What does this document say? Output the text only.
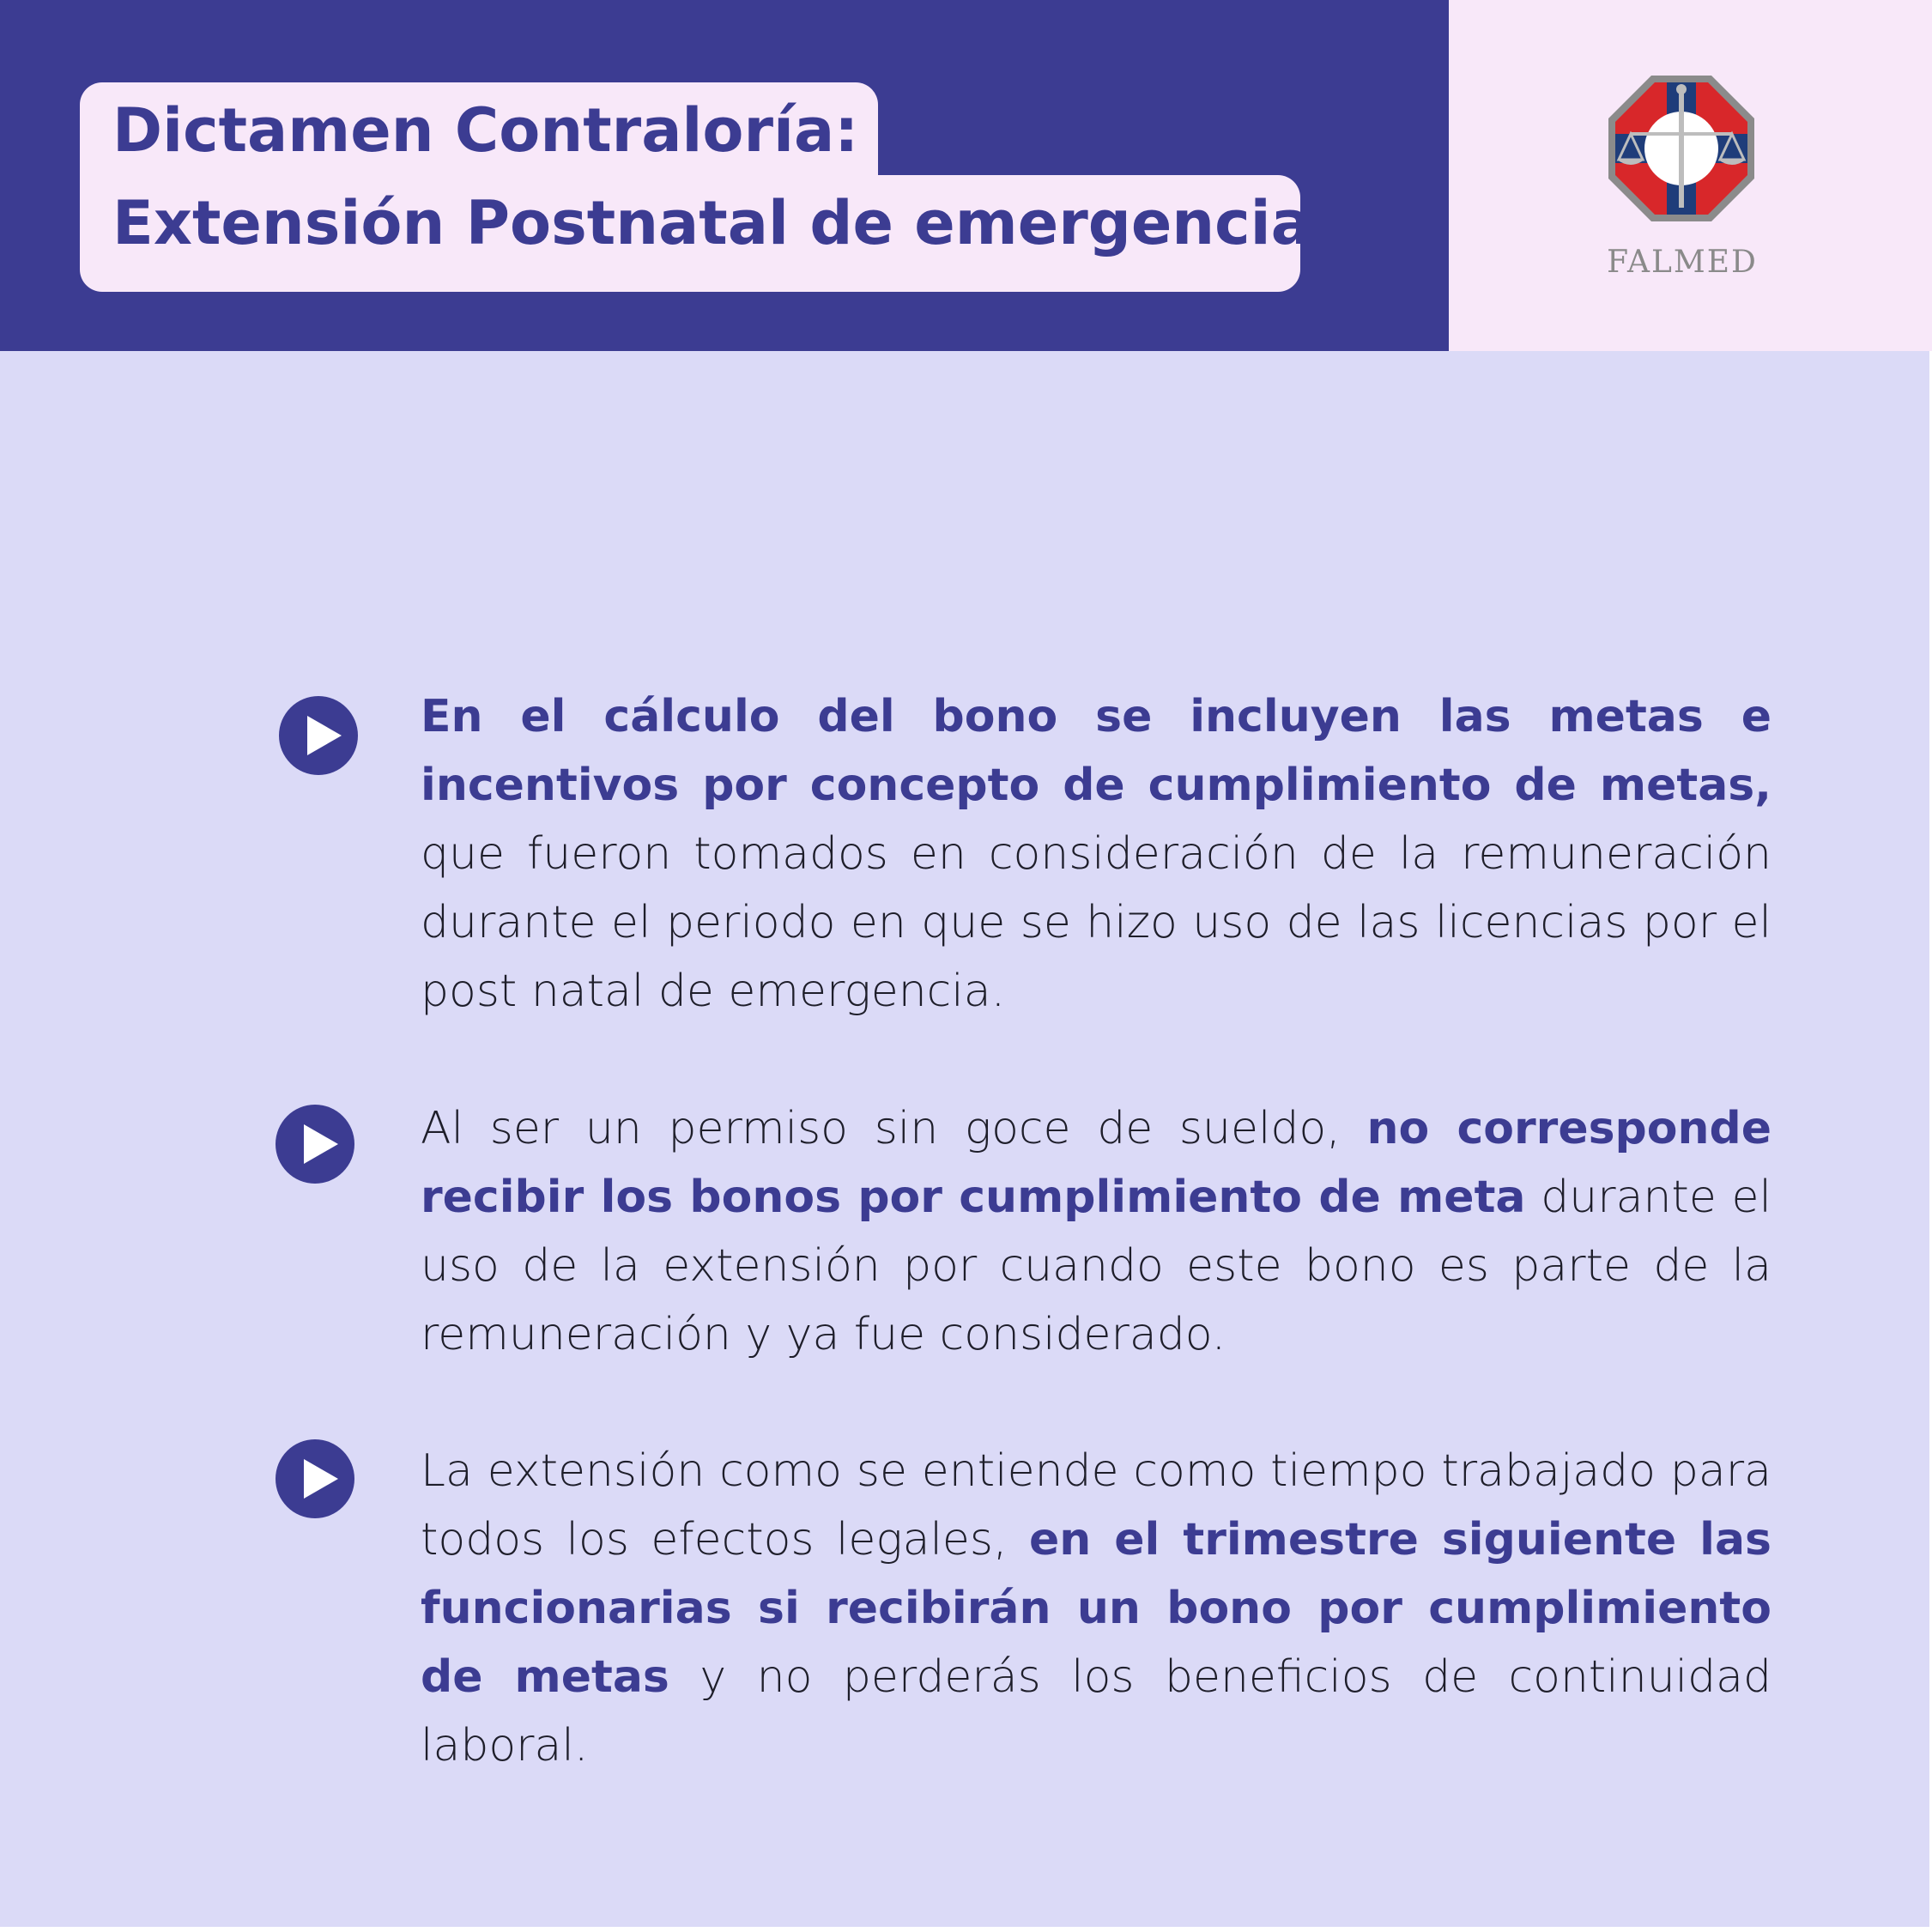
Dictamen Contraloría:
Extensión Postnatal de emergencia
FALMED
En el cálculo del bono se incluyen las metas e incentivos por concepto de cumplimiento de metas, que fueron tomados en consideración de la remuneración durante el periodo en que se hizo uso de las licencias por el post natal de emergencia.
Al ser un permiso sin goce de sueldo, no corresponde recibir los bonos por cumplimiento de meta durante el uso de la extensión por cuando este bono es parte de la remuneración y ya fue considerado.
La extensión como se entiende como tiempo trabajado para todos los efectos legales, en el trimestre siguiente las funcionarias si recibirán un bono por cumplimiento de metas y no perderás los beneficios de continuidad laboral.
